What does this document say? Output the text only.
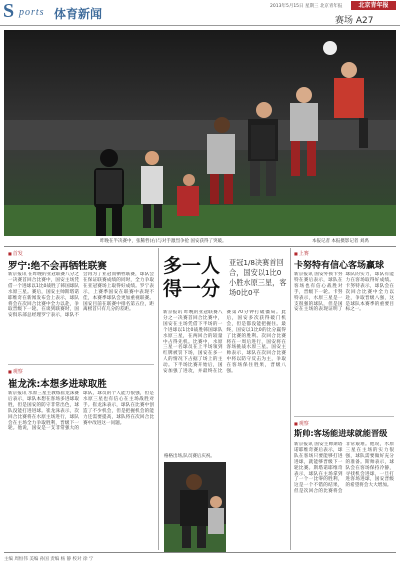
S ports 体育新闻
2013年5月15日 星期三 北京青年报	北京青年报
赛场 A27
昨晚在半决赛中，张稀哲(右)与对手激烈争抢 国安获得了突破。	本报记者 本报摄影记者 刘禹
■ 首发
罗宁:绝不会再牺牲联赛
新京报讯 在昨晚的亚冠联赛八分之一决赛首回合比赛中，国安主场凭借一个进球以1比0战胜了韩国球队水原三星。赛后，国安主帅斯塔诺耶维奇在新闻发布会上表示，球队将会在次回合比赛中全力以赴，争取晋级下一轮。在谈到联赛时，国安俱乐部总经理罗宁表示，球队不会再为了亚冠而牺牲联赛，球队会在保证联赛成绩的同时，全力争取在亚冠赛场上取得好成绩。罗宁表示，上赛季国安在联赛中表现不佳，本赛季球队会更加重视联赛。国安目前在联赛中排名第五位，距离榜首只有几分的差距。
■ 观察
崔龙洙:本想多进球取胜
新京报讯 水原三星主教练崔龙洙赛后表示，球队本想在客场多进球取胜，但是国安的防守非常出色，球队没能打进进球。崔龙洙表示，次回合比赛将在水原主场进行，球队会在主场全力争取胜利，晋级下一轮。他说，国安是一支非常强大的球队，球员的个人能力很强，但是水原三星也有信心在主场战胜对手。崔龙洙表示，球队在比赛中创造了不少机会，但是把握机会的能力还需要提高，球队将在次回合比赛中改进这一问题。
多一人得一分
亚冠1/8决赛首回合，国安以1比0小胜水原三星，客场0比0平
新京报讯 昨晚的亚冠联赛八分之一决赛首回合比赛中，国安在主场凭借下半场的一个进球以1比0战胜韩国球队水原三星，在两回合的较量中占得先机。比赛中，水原三星一名球员在上半场领到红牌被罚下场，国安在多一人的情况下占据了场上的主动。下半场比赛开始后，国安加强了进攻，并最终在比赛第70分钟打破僵局。此后，国安多次获得破门机会，但是都没能把握住。最终，国安以1比0的比分赢得了比赛的胜利。次回合比赛将在一周后进行，国安将在客场挑战水原三星。国安主帅表示，球队在次回合比赛中将以防守反击为主，争取在客场保住胜果，晋级八强。
格格出场,队员赛后庆祝。
■ 上赛
卡努特有信心客场赢球
新京报讯 国安外援卡努特在赛后表示，球队在客场也有信心战胜对手，晋级下一轮。卡努特表示，水原三星是一支很强的球队，但是国安在主场的表现证明了球队的实力，球队有能力在客场取得好成绩。卡努特表示，球队会在次回合比赛中全力以赴，争取晋级八强，这是球队本赛季的重要目标之一。
■ 观察
斯帅:客场能进球就能晋级
新京报讯 国安主帅斯塔诺耶维奇赛后表示，球队在客场只要能够打进进球，就能够晋级下一轮比赛。斯塔诺耶维奇表示，球队在主场拿到了一个一比零的胜利，这是一个不错的结果，但是次回合的比赛将会非常艰难。他说，水原三星在主场的实力很强，球队需要做好充分的准备。斯帅表示，球队会在客场保持冷静，寻找机会进球，一旦打进客场进球，国安晋级的希望将会大大增加。
主编 周恒伟 美编 孙国 责编 杨 静 校对 徐 宁
